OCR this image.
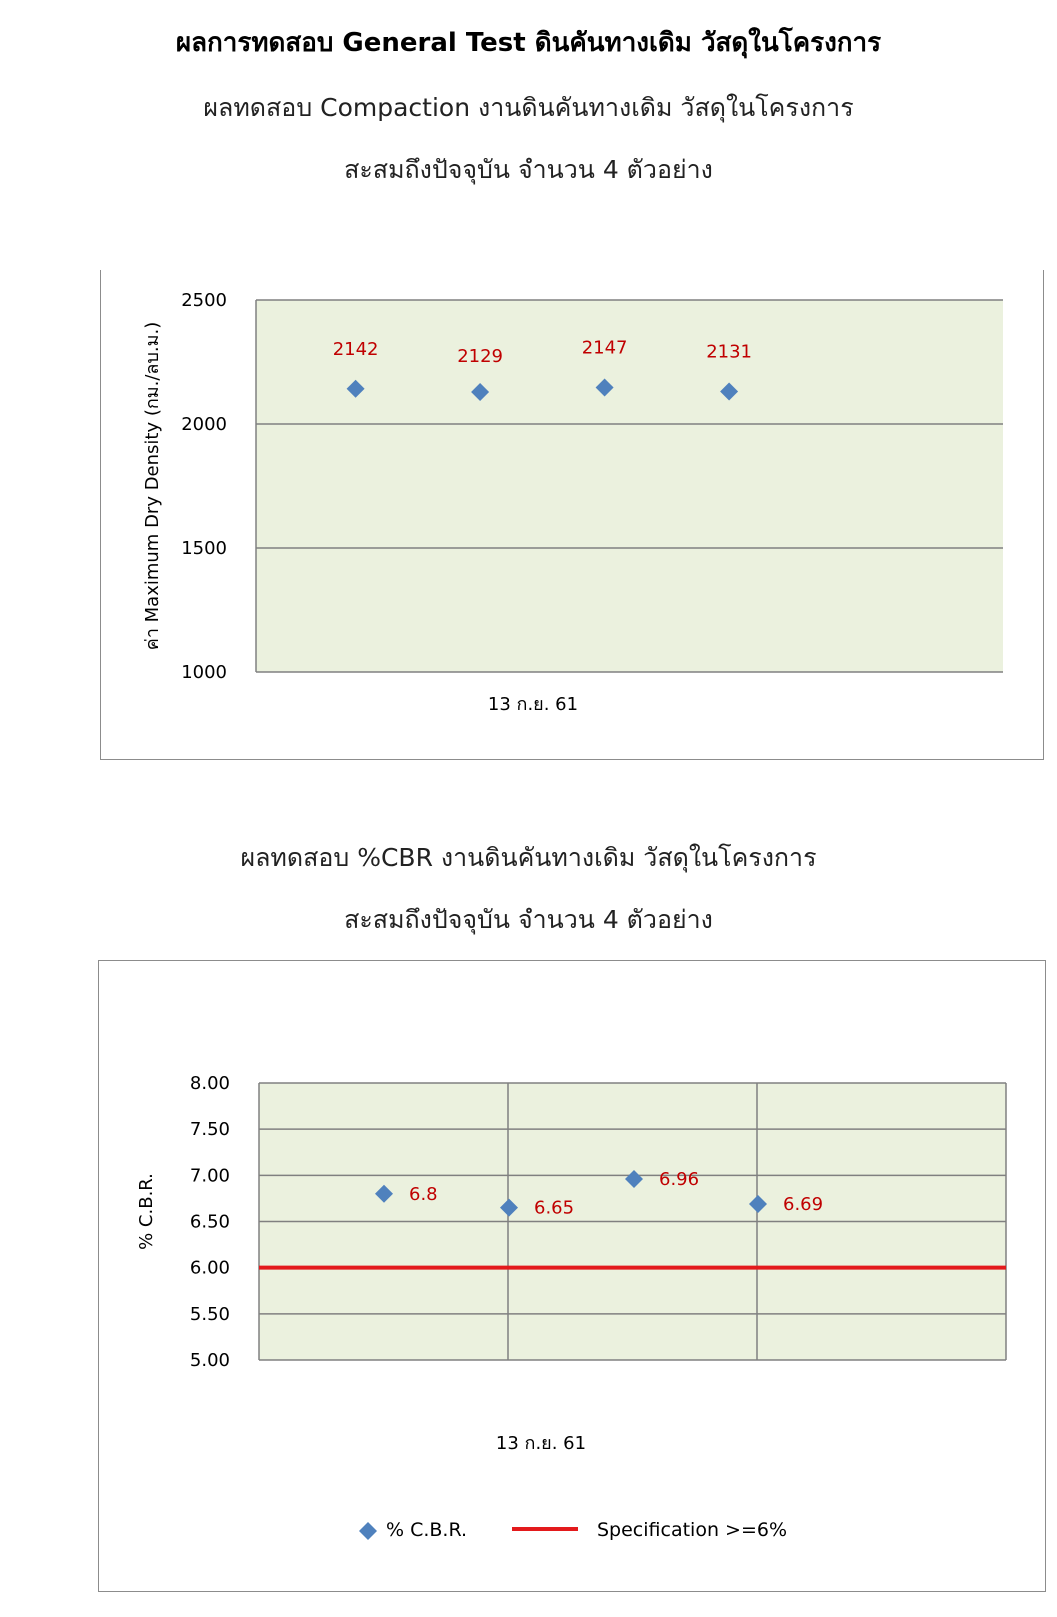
ผลการทดสอบ General Test ดินคันทางเดิม วัสดุในโครงการ
ผลทดสอบ Compaction งานดินคันทางเดิม วัสดุในโครงการ
สะสมถึงปัจจุบัน จำนวน 4 ตัวอย่าง
1000
1500
2000
2500
2142	2129	2147	2131
13 ก.ย. 61
ค่า Maximum Dry Density (กม./ลบ.ม.)
ผลทดสอบ %CBR งานดินคันทางเดิม วัสดุในโครงการ
สะสมถึงปัจจุบัน จำนวน 4 ตัวอย่าง
5.00
5.50
6.00
6.50
7.00
7.50
8.00
6.8
6.65
6.96
6.69
13 ก.ย. 61
% C.B.R.
% C.B.R.	Specification >=6%
